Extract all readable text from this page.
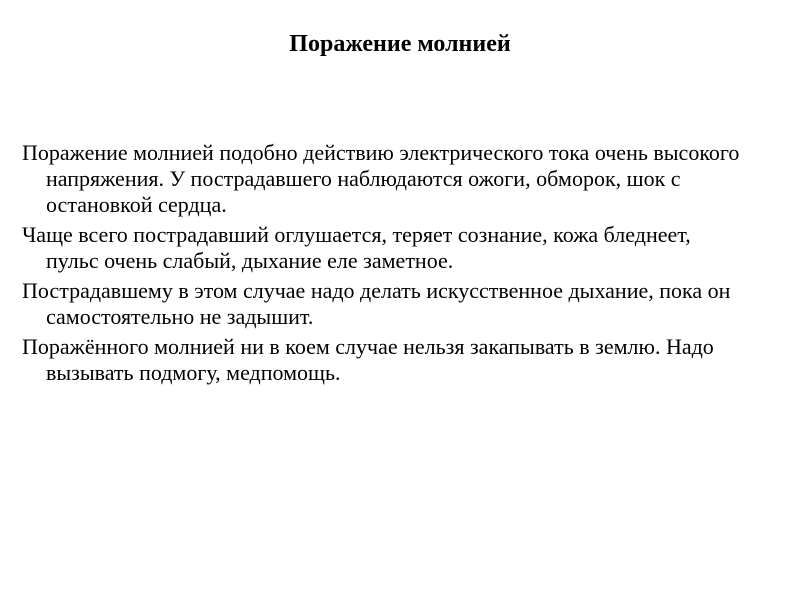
Поражение молнией

Поражение молнией подобно действию электрического тока очень высокого напряжения. У пострадавшего наблюдаются ожоги, обморок, шок с остановкой сердца.

Чаще всего пострадавший оглушается, теряет сознание, кожа бледнеет, пульс очень слабый, дыхание еле заметное.

Пострадавшему в этом случае надо делать искусственное дыхание, пока он самостоятельно не задышит.

Поражённого молнией ни в коем случае нельзя закапывать в землю. Надо вызывать подмогу, медпомощь.
